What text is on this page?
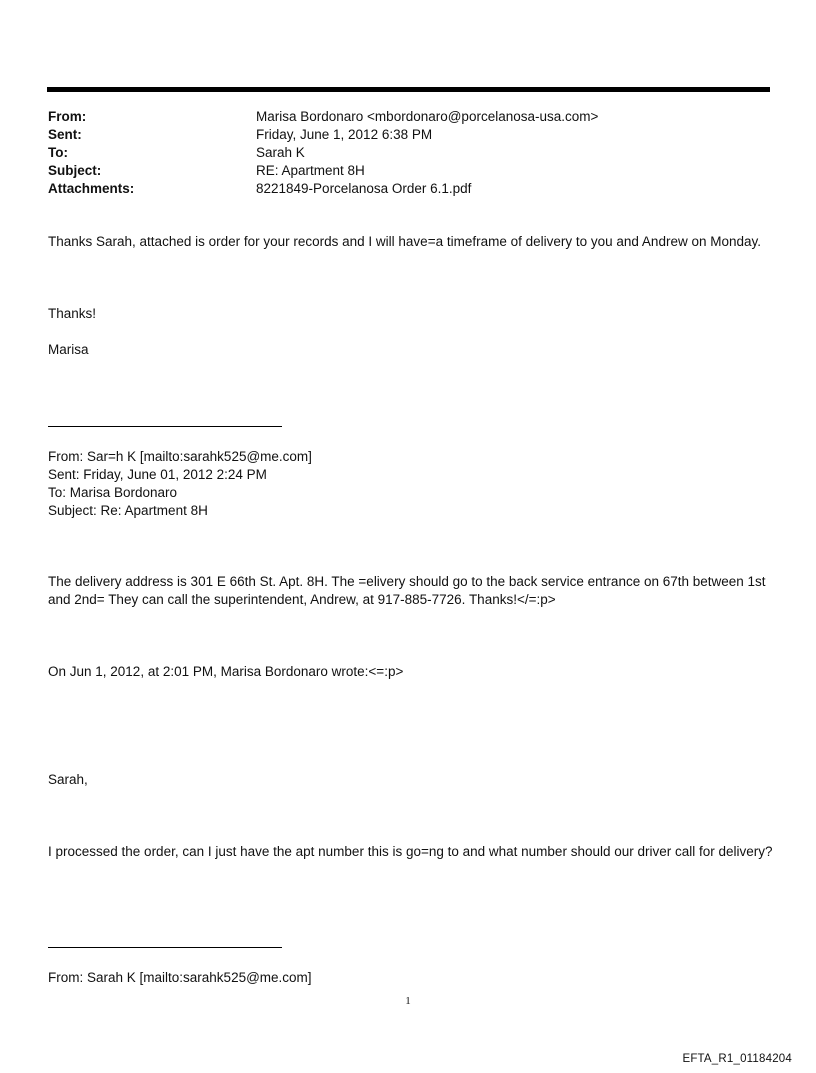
From:	Marisa Bordonaro <mbordonaro@porcelanosa-usa.com>
Sent:	Friday, June 1, 2012 6:38 PM
To:	Sarah K
Subject:	RE: Apartment 8H
Attachments:	8221849-Porcelanosa Order 6.1.pdf
Thanks Sarah, attached is order for your records and I will have=a timeframe of delivery to you and Andrew on Monday.
Thanks!
Marisa
From: Sar=h K [mailto:sarahk525@me.com]
Sent: Friday, June 01, 2012 2:24 PM
To: Marisa Bordonaro
Subject: Re: Apartment 8H
The delivery address is 301 E 66th St. Apt. 8H. The =elivery should go to the back service entrance on 67th between 1st and 2nd= They can call the superintendent, Andrew, at 917-885-7726. Thanks!</=:p>
On Jun 1, 2012, at 2:01 PM, Marisa Bordonaro wrote:<=:p>
Sarah,
I processed the order, can I just have the apt number this is go=ng to and what number should our driver call for delivery?
From: Sarah K [mailto:sarahk525@me.com]
1
EFTA_R1_01184204
